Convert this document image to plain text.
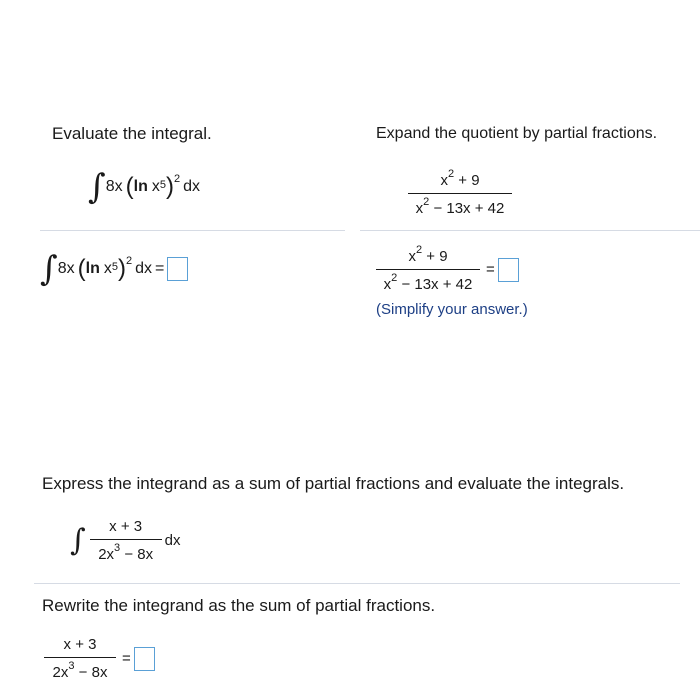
Evaluate the integral.
∫ 8x ( $\ln x^5$ )$^2$ dx
∫ 8x ( $\ln x^5$ )$^2$ dx =
Expand the quotient by partial fractions.
$\frac{x^2 + 9}{x^2 - 13x + 42}$
$\frac{x^2 + 9}{x^2 - 13x + 42}$ =
(Simplify your answer.)
Express the integrand as a sum of partial fractions and evaluate the integrals.
∫ $\frac{x + 3}{2x^3 - 8x}$ dx
Rewrite the integrand as the sum of partial fractions.
$\frac{x + 3}{2x^3 - 8x}$ =
